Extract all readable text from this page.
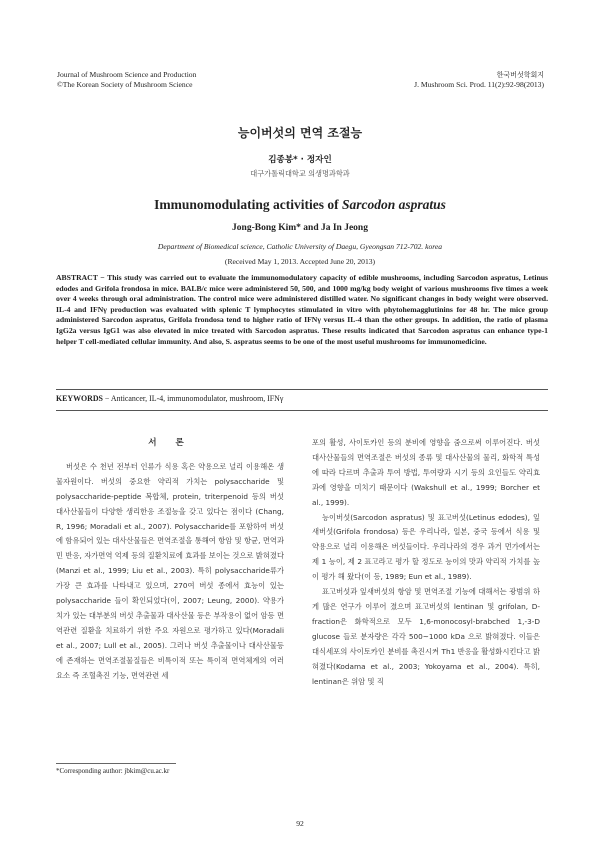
Journal of Mushroom Science and Production
©The Korean Society of Mushroom Science
한국버섯학회지
J. Mushroom Sci. Prod. 11(2):92-98(2013)
능이버섯의 면역 조절능
김종봉* · 정자인
대구가톨릭대학교 의생명과학과
Immunomodulating activities of Sarcodon aspratus
Jong-Bong Kim* and Ja In Jeong
Department of Biomedical science, Catholic University of Daegu, Gyeongsan 712-702. korea
(Received May 1, 2013. Accepted June 20, 2013)
ABSTRACT − This study was carried out to evaluate the immunomodulatory capacity of edible mushrooms, including Sarcodon aspratus, Letinus edodes and Grifola frondosa in mice. BALB/c mice were administered 50, 500, and 1000 mg/kg body weight of various mushrooms five times a week over 4 weeks through oral administration. The control mice were administered distilled water. No significant changes in body weight were observed. IL-4 and IFNγ production was evaluated with splenic T lymphocytes stimulated in vitro with phytohemagglutinins for 48 hr. The mice group administered Sarcodon aspratus, Grifola frondosa tend to higher ratio of IFNγ versus IL-4 than the other groups. In addition, the ratio of plasma IgG2a versus IgG1 was also elevated in mice treated with Sarcodon aspratus. These results indicated that Sarcodon aspratus can enhance type-1 helper T cell-mediated cellular immunity. And also, S. aspratus seems to be one of the most useful mushrooms for immunomedicine.
KEYWORDS − Anticancer, IL-4, immunomodulator, mushroom, IFNγ
서 론

버섯은 수 천년 전부터 인류가 식용 혹은 약용으로 널리 이용해온 생물자원이다. 버섯의 중요한 약리적 가치는 polysaccharide 및 polysaccharide-peptide 복합체, protein, triterpenoid 등의 버섯 대사산물들이 다양한 생리한응 조절능을 갖고 있다는 점이다 (Chang, R, 1996; Moradali et al., 2007). Polysaccharide를 포함하여 버섯에 함유되어 있는 대사산물들은 면역조절을 통해여 항암 및 항균, 면역과민 반응, 자가면역 억제 등의 질환치료에 효과를 보이는 것으로 밝혀졌다(Manzi et al., 1999; Liu et al., 2003). 특히 polysaccharide류가 가장 큰 효과를 나타내고 있으며, 270여 버섯 종에서 효능이 있는 polysaccharide 들이 확인되었다(이, 2007; Leung, 2000). 약용가치가 있는 대부분의 버섯 추출물과 대사산물 등은 부작용이 없어 암등 면역관련 질환을 치료하기 위한 주요 자원으로 평가하고 있다(Moradali et al., 2007; Lull et al., 2005). 그러나 버섯 추출물이나 대사산물등에 존재하는 면역조절물질들은 비특이적 또는 특이적 면역체계의 여러 요소 즉 조혈촉진 기능, 면역관련 세

포의 활성, 사이토카인 등의 분비에 영향을 줌으로써 이루어진다. 버섯 대사산물들의 면역조절은 버섯의 종류 및 대사산물의 물리, 화학적 특성에 따라 다르며 추출과 투여 방법, 투여량과 시기 등의 요인들도 약리효과에 영향을 미치기 때문이다 (Wakshull et al., 1999; Borcher et al., 1999).

능이버섯(Sarcodon aspratus) 및 표고버섯(Letinus edodes), 잎새버섯(Grifola frondosa) 등은 우리나라, 일본, 중국 등에서 식용 및 약용으로 널리 이용해온 버섯들이다. 우리나라의 경우 과거 먼가에서는 제 1 능이, 제 2 표고라고 평가 할 정도로 능이의 맛과 약리적 가치를 높이 평가 해 왔다(이 등, 1989; Eun et al., 1989).

표고버섯과 잎새버섯의 항암 및 면역조절 기능에 대해서는 광범위 하게 많은 연구가 이루어 졌으며 표고버섯의 lentinan 및 grifolan, D-fraction은 화학적으로 모두 1,6-monocosyl-brabched 1,-3-D glucose 들로 분자량은 각각 500~1000 kDa 으로 밝혀졌다. 이들은 대식세포의 사이토카인 분비를 촉진시켜 Th1 반응을 활성화시킨다고 밝혀졌다(Kodama et al., 2003; Yokoyama et al., 2004). 특히, lentinan은 위암 및 직

*Corresponding author: jbkim@cu.ac.kr
92
